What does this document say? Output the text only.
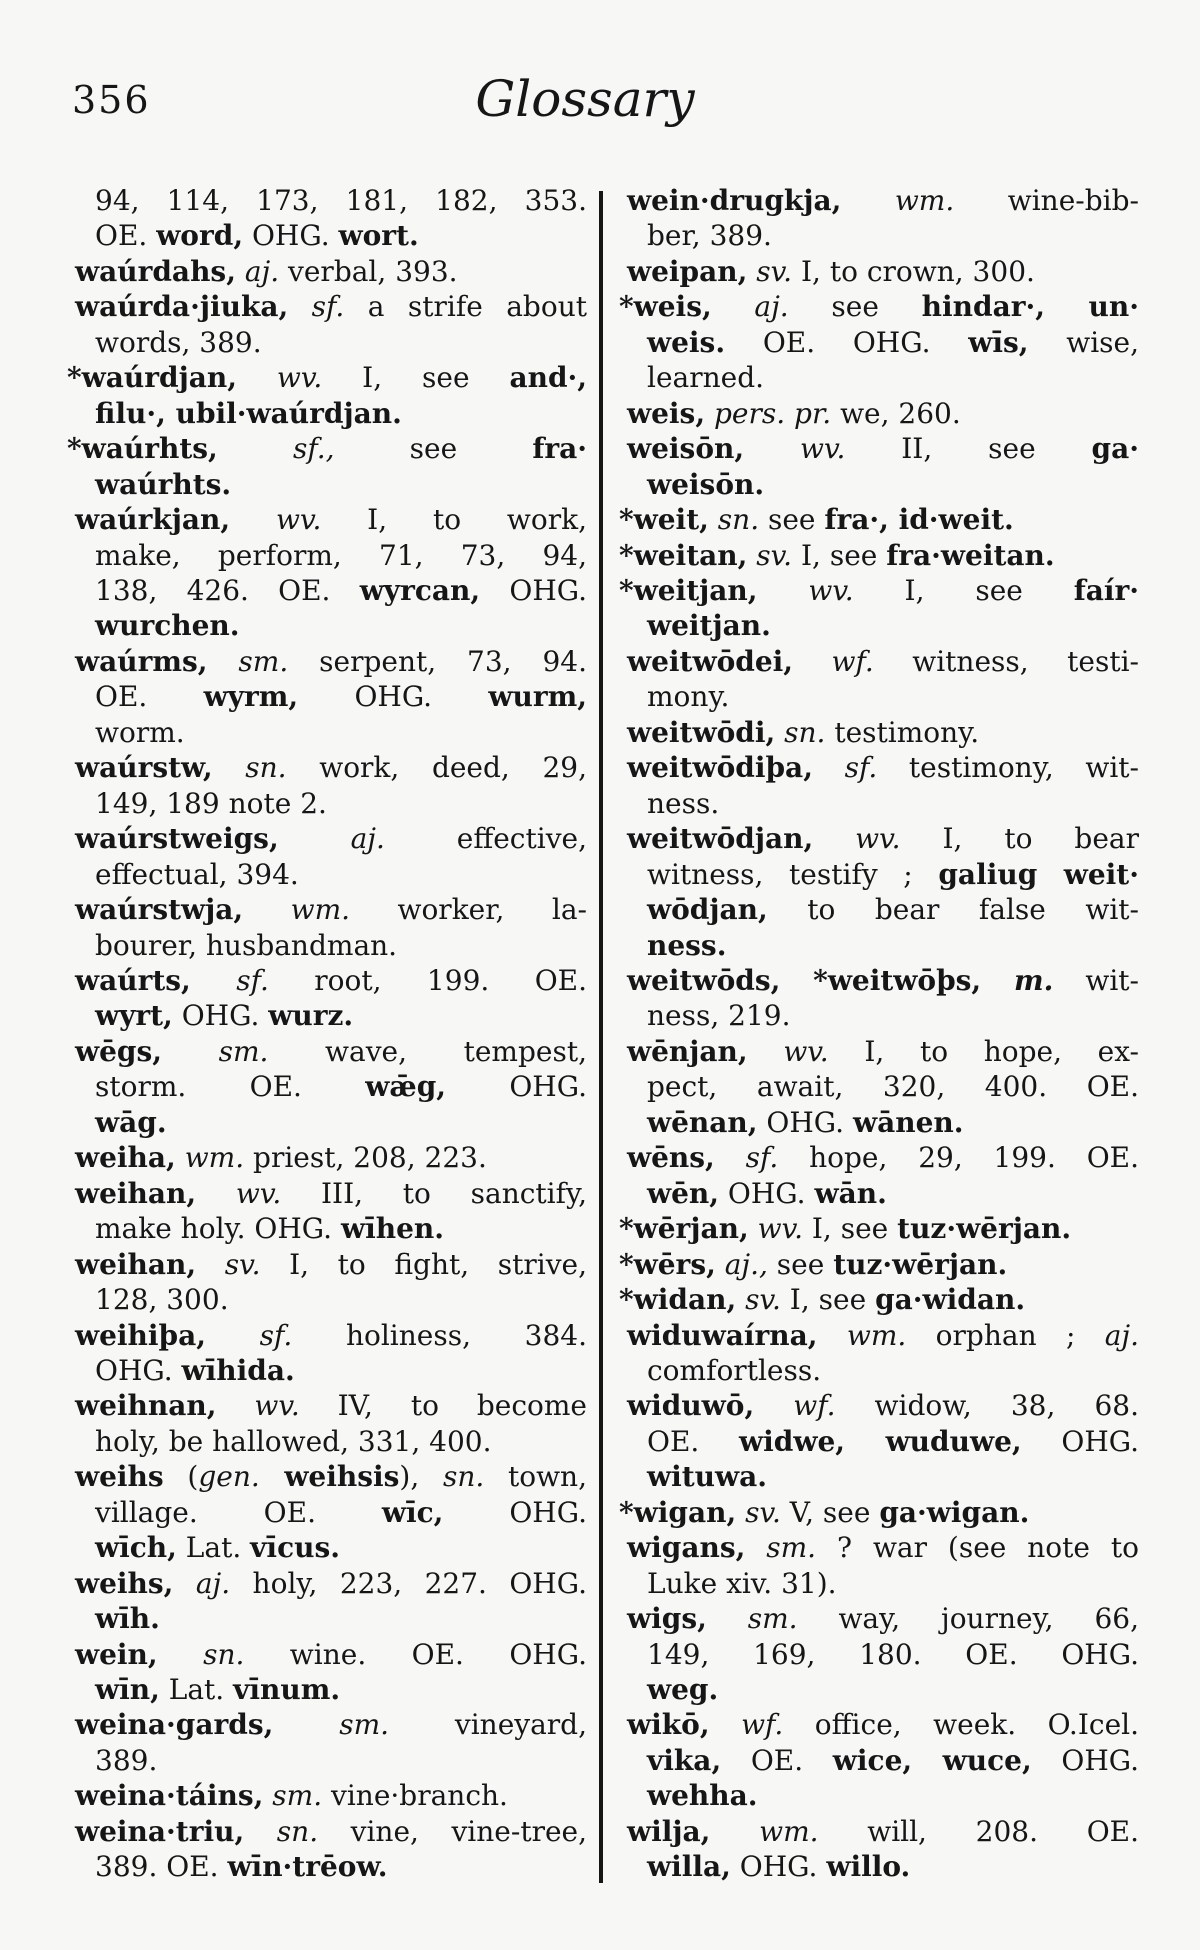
356	Glossary
94, 114, 173, 181, 182, 353.
OE. word, OHG. wort.
waúrdahs, aj. verbal, 393.
waúrda·jiuka, sf. a strife about
words, 389.
*waúrdjan, wv. I, see and·,
filu·, ubil·waúrdjan.
*waúrhts, sf., see fra·
waúrhts.
waúrkjan, wv. I, to work,
make, perform, 71, 73, 94,
138, 426. OE. wyrcan, OHG.
wurchen.
waúrms, sm. serpent, 73, 94.
OE. wyrm, OHG. wurm,
worm.
waúrstw, sn. work, deed, 29,
149, 189 note 2.
waúrstweigs, aj. effective,
effectual, 394.
waúrstwja, wm. worker, la-
bourer, husbandman.
waúrts, sf. root, 199. OE.
wyrt, OHG. wurz.
wēgs, sm. wave, tempest,
storm. OE. wǣg, OHG.
wāg.
weiha, wm. priest, 208, 223.
weihan, wv. III, to sanctify,
make holy. OHG. wīhen.
weihan, sv. I, to fight, strive,
128, 300.
weihiþa, sf. holiness, 384.
OHG. wīhida.
weihnan, wv. IV, to become
holy, be hallowed, 331, 400.
weihs (gen. weihsis), sn. town,
village. OE. wīc, OHG.
wīch, Lat. vīcus.
weihs, aj. holy, 223, 227. OHG.
wīh.
wein, sn. wine. OE. OHG.
wīn, Lat. vīnum.
weina·gards, sm. vineyard,
389.
weina·táins, sm. vine·branch.
weina·triu, sn. vine, vine-tree,
389. OE. wīn·trēow.
wein·drugkja, wm. wine-bib-
ber, 389.
weipan, sv. I, to crown, 300.
*weis, aj. see hindar·, un·
weis. OE. OHG. wīs, wise,
learned.
weis, pers. pr. we, 260.
weisōn, wv. II, see ga·
weisōn.
*weit, sn. see fra·, id·weit.
*weitan, sv. I, see fra·weitan.
*weitjan, wv. I, see faír·
weitjan.
weitwōdei, wf. witness, testi-
mony.
weitwōdi, sn. testimony.
weitwōdiþa, sf. testimony, wit-
ness.
weitwōdjan, wv. I, to bear
witness, testify ; galiug weit·
wōdjan, to bear false wit-
ness.
weitwōds, *weitwōþs, m. wit-
ness, 219.
wēnjan, wv. I, to hope, ex-
pect, await, 320, 400. OE.
wēnan, OHG. wānen.
wēns, sf. hope, 29, 199. OE.
wēn, OHG. wān.
*wērjan, wv. I, see tuz·wērjan.
*wērs, aj., see tuz·wērjan.
*widan, sv. I, see ga·widan.
widuwaírna, wm. orphan ; aj.
comfortless.
widuwō, wf. widow, 38, 68.
OE. widwe, wuduwe, OHG.
wituwa.
*wigan, sv. V, see ga·wigan.
wigans, sm. ? war (see note to
Luke xiv. 31).
wigs, sm. way, journey, 66,
149, 169, 180. OE. OHG.
weg.
wikō, wf. office, week. O.Icel.
vika, OE. wice, wuce, OHG.
wehha.
wilja, wm. will, 208. OE.
willa, OHG. willo.
